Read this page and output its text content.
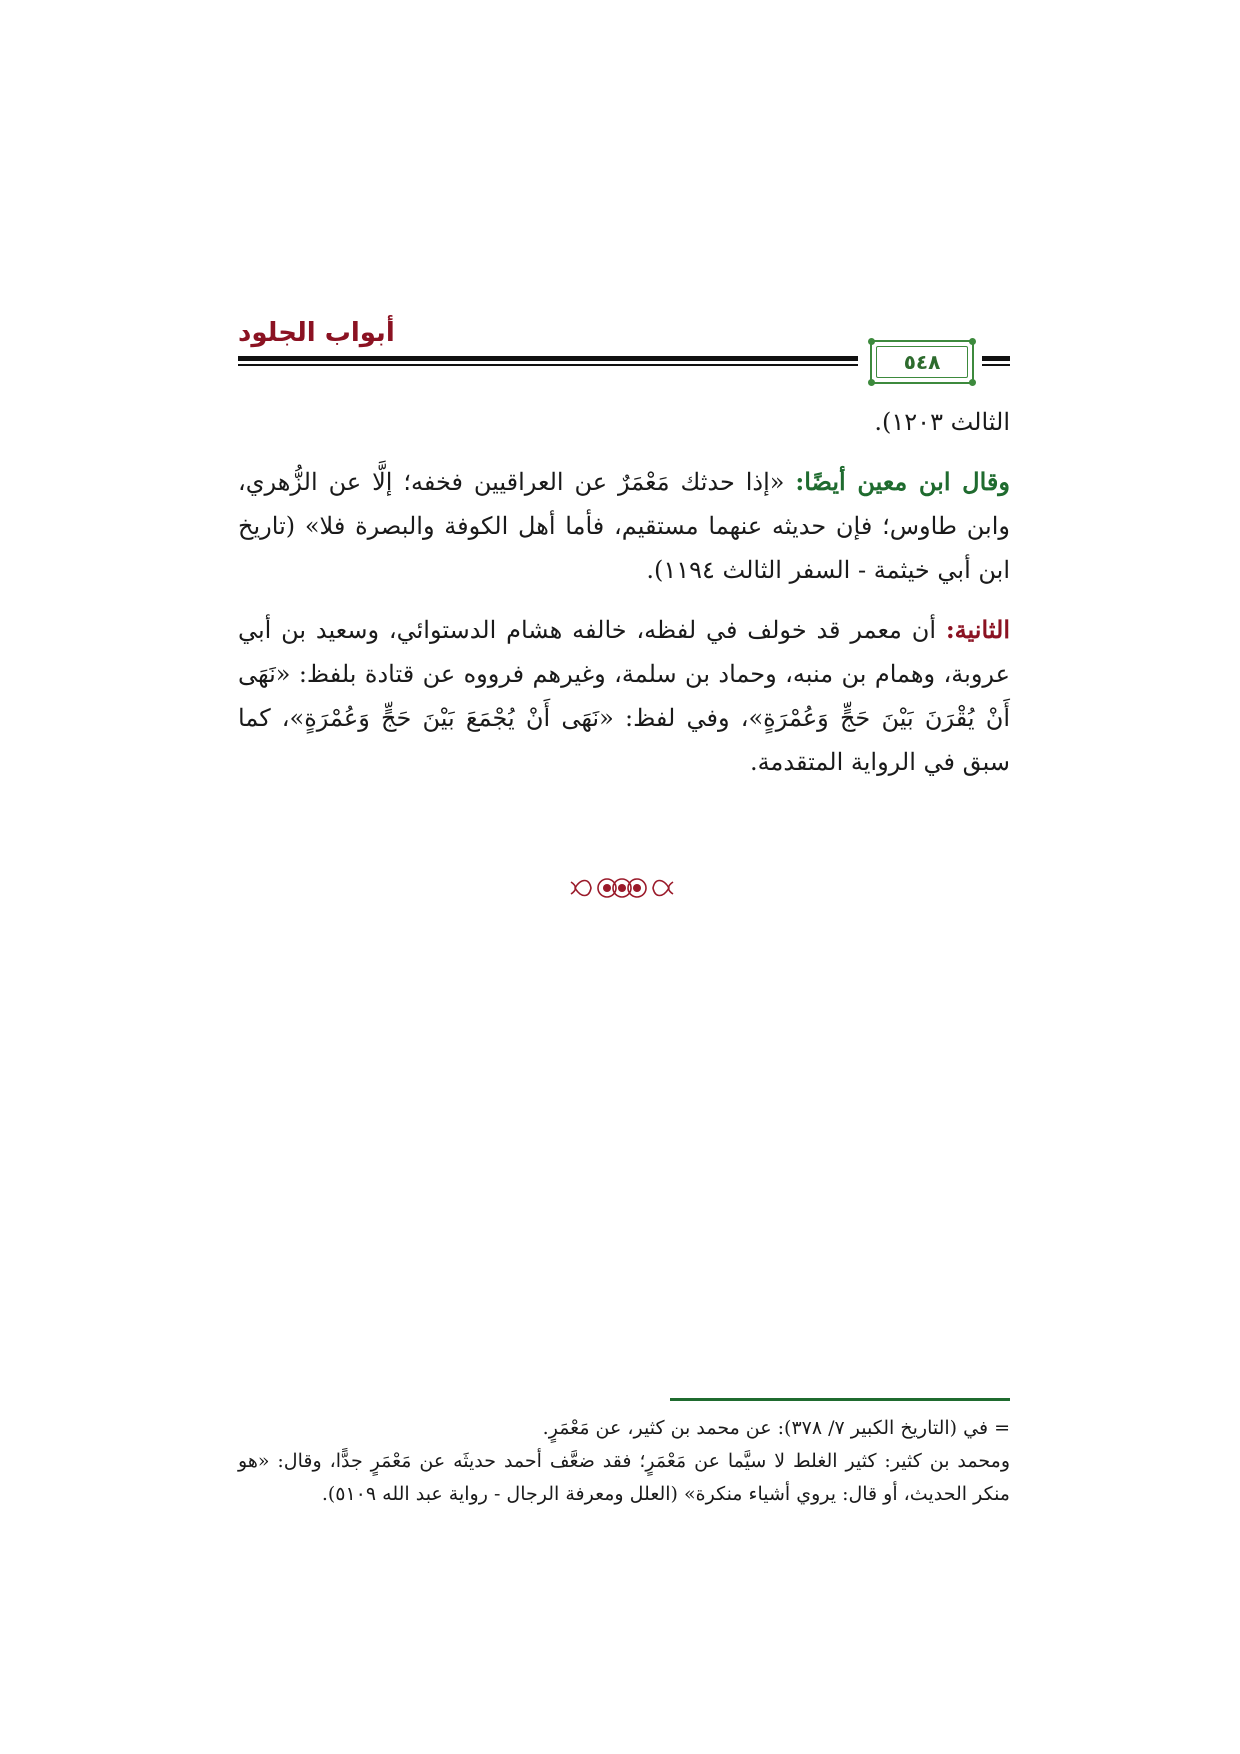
أبواب الجلود
٥٤٨

الثالث ١٢٠٣).

وقال ابن معين أيضًا: «إذا حدثك مَعْمَرٌ عن العراقيين فخفه؛ إلَّا عن الزُّهري، وابن طاوس؛ فإن حديثه عنهما مستقيم، فأما أهل الكوفة والبصرة فلا» (تاريخ ابن أبي خيثمة - السفر الثالث ١١٩٤).

الثانية: أن معمر قد خولف في لفظه، خالفه هشام الدستوائي، وسعيد بن أبي عروبة، وهمام بن منبه، وحماد بن سلمة، وغيرهم فرووه عن قتادة بلفظ: «نَهَى أَنْ يُقْرَنَ بَيْنَ حَجٍّ وَعُمْرَةٍ»، وفي لفظ: «نَهَى أَنْ يُجْمَعَ بَيْنَ حَجٍّ وَعُمْرَةٍ»، كما سبق في الرواية المتقدمة.

= في (التاريخ الكبير ٧/ ٣٧٨): عن محمد بن كثير، عن مَعْمَرٍ.

ومحمد بن كثير: كثير الغلط لا سيَّما عن مَعْمَرٍ؛ فقد ضعَّف أحمد حديثَه عن مَعْمَرٍ جدًّا، وقال: «هو منكر الحديث، أو قال: يروي أشياء منكرة» (العلل ومعرفة الرجال - رواية عبد الله ٥١٠٩).
